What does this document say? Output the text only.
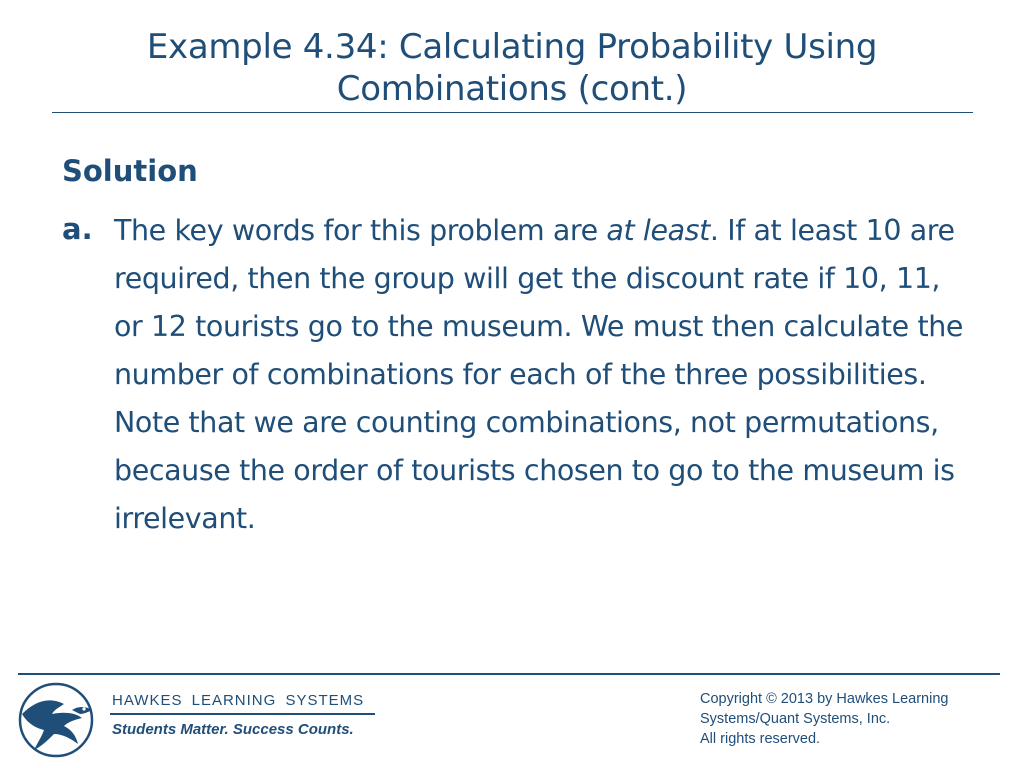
Example 4.34: Calculating Probability Using
Combinations (cont.)
Solution
a. The key words for this problem are at least. If at least 10 are required, then the group will get the discount rate if 10, 11, or 12 tourists go to the museum. We must then calculate the number of combinations for each of the three possibilities. Note that we are counting combinations, not permutations, because the order of tourists chosen to go to the museum is irrelevant.
HAWKES LEARNING SYSTEMS
Students Matter. Success Counts.
Copyright © 2013 by Hawkes Learning
Systems/Quant Systems, Inc.
All rights reserved.
